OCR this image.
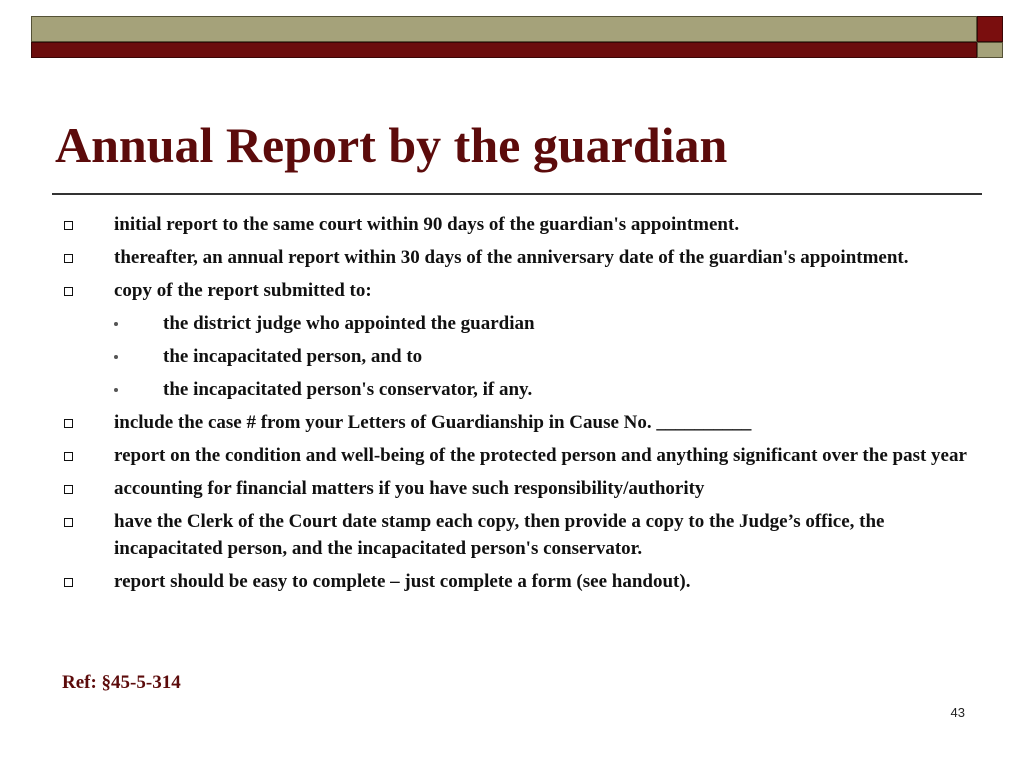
Annual Report by the guardian
initial report to the same court within 90 days of the guardian's appointment.
thereafter, an annual report within 30 days of the anniversary date of the guardian's appointment.
copy of the report submitted to:
the district judge who appointed the guardian
the incapacitated person, and to
the incapacitated person's conservator, if any.
include the case # from your Letters of Guardianship in Cause No. __________
report on the condition and well-being of the protected person and anything significant over the past year
accounting for financial matters if you have such responsibility/authority
have the Clerk of the Court date stamp each copy, then provide a copy to the Judge’s office, the incapacitated person, and the incapacitated person's conservator.
report should be easy to complete – just complete a form (see handout).
Ref: §45-5-314
43
